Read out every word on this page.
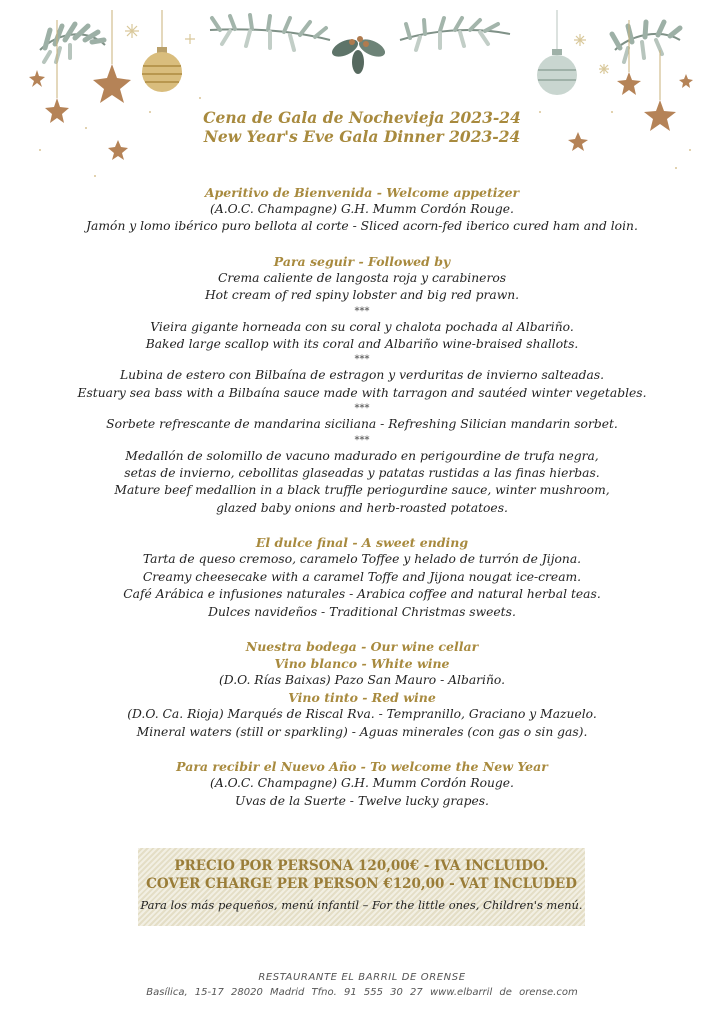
Cena de Gala de Nochevieja 2023-24
New Year's Eve Gala Dinner 2023-24
Aperitivo de Bienvenida - Welcome appetizer
(A.O.C. Champagne) G.H. Mumm Cordón Rouge.
Jamón y lomo ibérico puro bellota al corte - Sliced acorn-fed iberico cured ham and loin.
Para seguir - Followed by
Crema caliente de langosta roja y carabineros
Hot cream of red spiny lobster and big red prawn.
***
Vieira gigante horneada con su coral y chalota pochada al Albariño.
Baked large scallop with its coral and Albariño wine-braised shallots.
***
Lubina de estero con Bilbaína de estragon y verduritas de invierno salteadas.
Estuary sea bass with a Bilbaína sauce made with tarragon and sautéed winter vegetables.
***
Sorbete refrescante de mandarina siciliana - Refreshing Silician mandarin sorbet.
***
Medallón de solomillo de vacuno madurado en perigourdine de trufa negra,
setas de invierno, cebollitas glaseadas y patatas rustidas a las finas hierbas.
Mature beef medallion in a black truffle periogurdine sauce, winter mushroom,
glazed baby onions and herb-roasted potatoes.
El dulce final - A sweet ending
Tarta de queso cremoso, caramelo Toffee y helado de turrón de Jijona.
Creamy cheesecake with a caramel Toffe and Jijona nougat ice-cream.
Café Arábica e infusiones naturales - Arabica coffee and natural herbal teas.
Dulces navideños - Traditional Christmas sweets.
Nuestra bodega - Our wine cellar
Vino blanco - White wine
(D.O. Rías Baixas) Pazo San Mauro - Albariño.
Vino tinto - Red wine
(D.O. Ca. Rioja) Marqués de Riscal Rva. - Tempranillo, Graciano y Mazuelo.
Mineral waters (still or sparkling) - Aguas minerales (con gas o sin gas).
Para recibir el Nuevo Año - To welcome the New Year
(A.O.C. Champagne) G.H. Mumm Cordón Rouge.
Uvas de la Suerte - Twelve lucky grapes.
PRECIO POR PERSONA 120,00€ - IVA INCLUIDO.
COVER CHARGE PER PERSON €120,00 - VAT INCLUDED
Para los más pequeños, menú infantil – For the little ones, Children's menú.
RESTAURANTE EL BARRIL DE ORENSE
Basílica, 15-17 28020 Madrid Tfno. 91 555 30 27 www.elbarril de orense.com
